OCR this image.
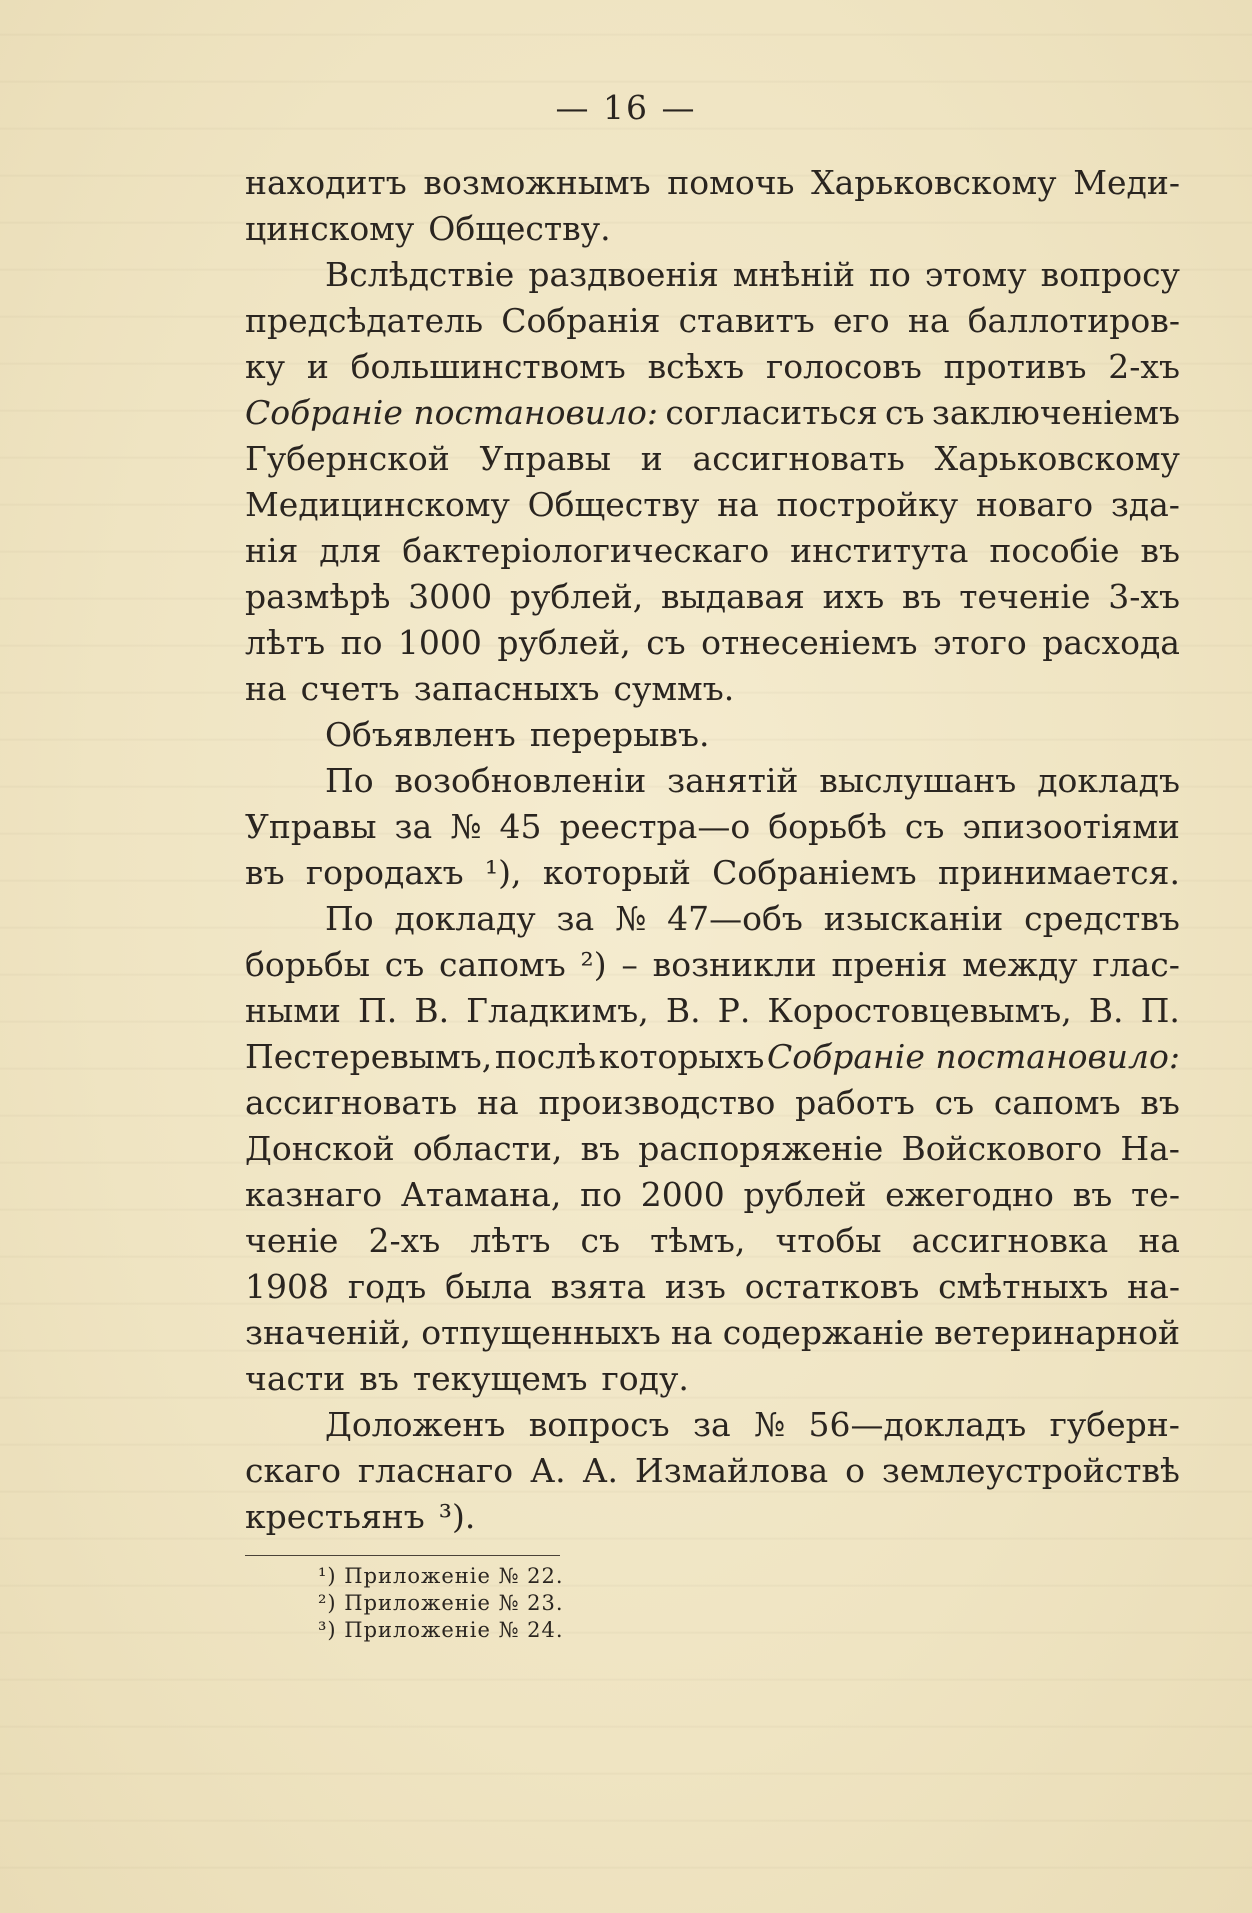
— 16 —
находитъ возможнымъ помочь Харьковскому Меди-
цинскому Обществу.
Вслѣдствіе раздвоенія мнѣній по этому вопросу
предсѣдатель Собранія ставитъ его на баллотиров-
ку и большинствомъ всѣхъ голосовъ противъ 2-хъ
Собраніе постановило: согласиться съ заключеніемъ
Губернской Управы и ассигновать Харьковскому
Медицинскому Обществу на постройку новаго зда-
нія для бактеріологическаго института пособіе въ
размѣрѣ 3000 рублей, выдавая ихъ въ теченіе 3-хъ
лѣтъ по 1000 рублей, съ отнесеніемъ этого расхода
на счетъ запасныхъ суммъ.
Объявленъ перерывъ.
По возобновленіи занятій выслушанъ докладъ
Управы за № 45 реестра—о борьбѣ съ эпизоотіями
въ городахъ ¹), который Собраніемъ принимается.
По докладу за № 47—объ изысканіи средствъ
борьбы съ сапомъ ²) – возникли пренія между глас-
ными П. В. Гладкимъ, В. Р. Коростовцевымъ, В. П.
Пестеревымъ, послѣ которыхъ Собраніе постановило:
ассигновать на производство работъ съ сапомъ въ
Донской области, въ распоряженіе Войскового На-
казнаго Атамана, по 2000 рублей ежегодно въ те-
ченіе 2-хъ лѣтъ съ тѣмъ, чтобы ассигновка на
1908 годъ была взята изъ остатковъ смѣтныхъ на-
значеній, отпущенныхъ на содержаніе ветеринарной
части въ текущемъ году.
Доложенъ вопросъ за № 56—докладъ губерн-
скаго гласнаго А. А. Измайлова о землеустройствѣ
крестьянъ ³).
¹) Приложеніе № 22.
²) Приложеніе № 23.
³) Приложеніе № 24.
